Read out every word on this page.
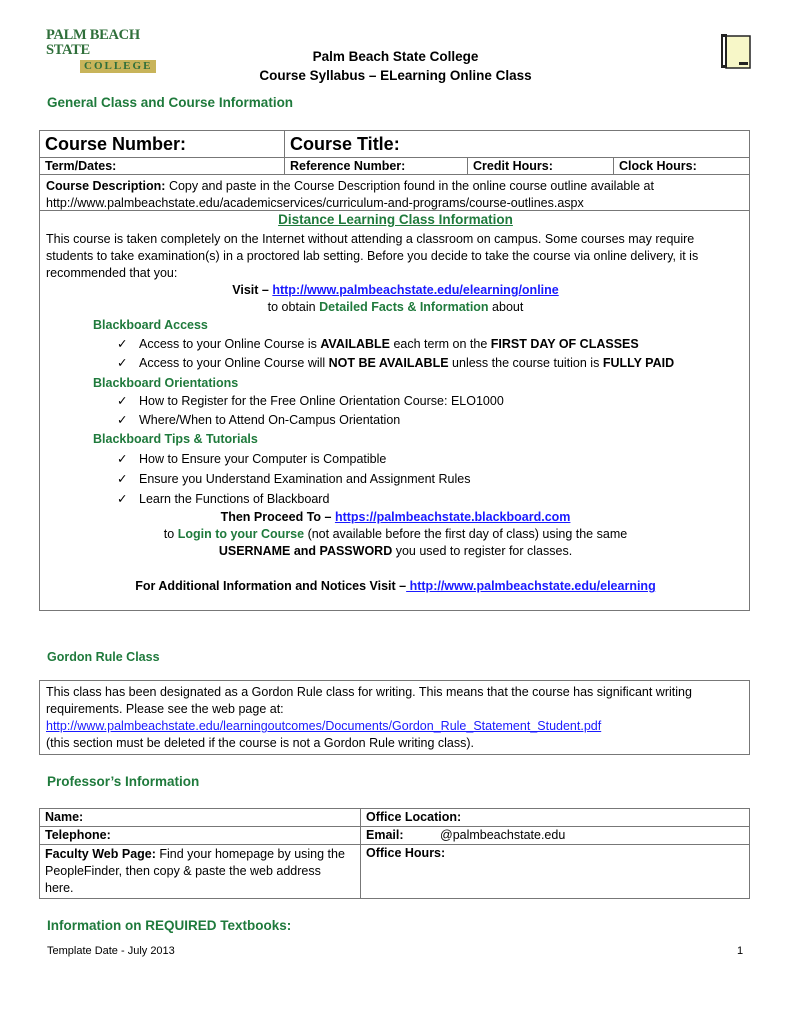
PALM BEACH STATE
COLLEGE
Palm Beach State College
Course Syllabus – ELearning Online Class
General Class and Course Information
Course Number:	Course Title:		
Term/Dates:	Reference Number:	Credit Hours:	Clock Hours:
Course Description: Copy and paste in the Course Description found in the online course outline available at
http://www.palmbeachstate.edu/academicservices/curriculum-and-programs/course-outlines.aspx
Distance Learning Class Information
This course is taken completely on the Internet without attending a classroom on campus. Some courses may require
students to take examination(s) in a proctored lab setting. Before you decide to take the course via online delivery, it is
recommended that you:
Visit – http://www.palmbeachstate.edu/elearning/online
to obtain Detailed Facts & Information about
Blackboard Access
✓ Access to your Online Course is AVAILABLE each term on the FIRST DAY OF CLASSES
✓ Access to your Online Course will NOT BE AVAILABLE unless the course tuition is FULLY PAID
Blackboard Orientations
✓ How to Register for the Free Online Orientation Course: ELO1000
✓ Where/When to Attend On-Campus Orientation
Blackboard Tips & Tutorials
✓ How to Ensure your Computer is Compatible
✓ Ensure you Understand Examination and Assignment Rules
✓ Learn the Functions of Blackboard
Then Proceed To – https://palmbeachstate.blackboard.com
to Login to your Course (not available before the first day of class) using the same
USERNAME and PASSWORD you used to register for classes.
For Additional Information and Notices Visit – http://www.palmbeachstate.edu/elearning
Gordon Rule Class
This class has been designated as a Gordon Rule class for writing. This means that the course has significant writing
requirements. Please see the web page at:
http://www.palmbeachstate.edu/learningoutcomes/Documents/Gordon_Rule_Statement_Student.pdf
(this section must be deleted if the course is not a Gordon Rule writing class).
Professor’s Information
Name:	Office Location:
Telephone:	Email: @palmbeachstate.edu
Faculty Web Page: Find your homepage by using the
PeopleFinder, then copy & paste the web address
here.	Office Hours:
Information on REQUIRED Textbooks:
Template Date - July 2013	1
